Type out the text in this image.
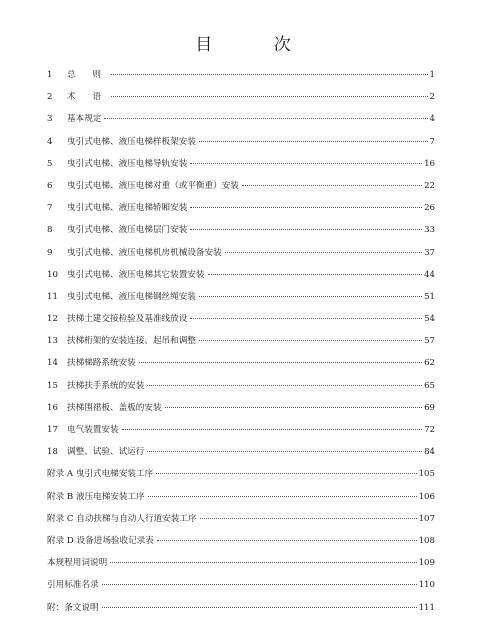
目 次
1	总 则	1
2	术 语	2
3	基本规定	4
4	曳引式电梯、液压电梯样板架安装	7
5	曳引式电梯、液压电梯导轨安装	16
6	曳引式电梯、液压电梯对重（或平衡重）安装	22
7	曳引式电梯、液压电梯轿厢安装	26
8	曳引式电梯、液压电梯层门安装	33
9	曳引式电梯、液压电梯机房机械设备安装	37
10	曳引式电梯、液压电梯其它装置安装	44
11	曳引式电梯、液压电梯钢丝绳安装	51
12	扶梯土建交接检验及基准线放设	54
13	扶梯桁架的安装连接、起吊和调整	57
14	扶梯梯路系统安装	62
15	扶梯扶手系统的安装	65
16	扶梯围裙板、盖板的安装	69
17	电气装置安装	72
18	调整、试验、试运行	84
附录 A 曳引式电梯安装工序	105
附录 B 液压电梯安装工序	106
附录 C 自动扶梯与自动人行道安装工序	107
附录 D 设备进场验收记录表	108
本规程用词说明	109
引用标准名录	110
附：条文说明	111
